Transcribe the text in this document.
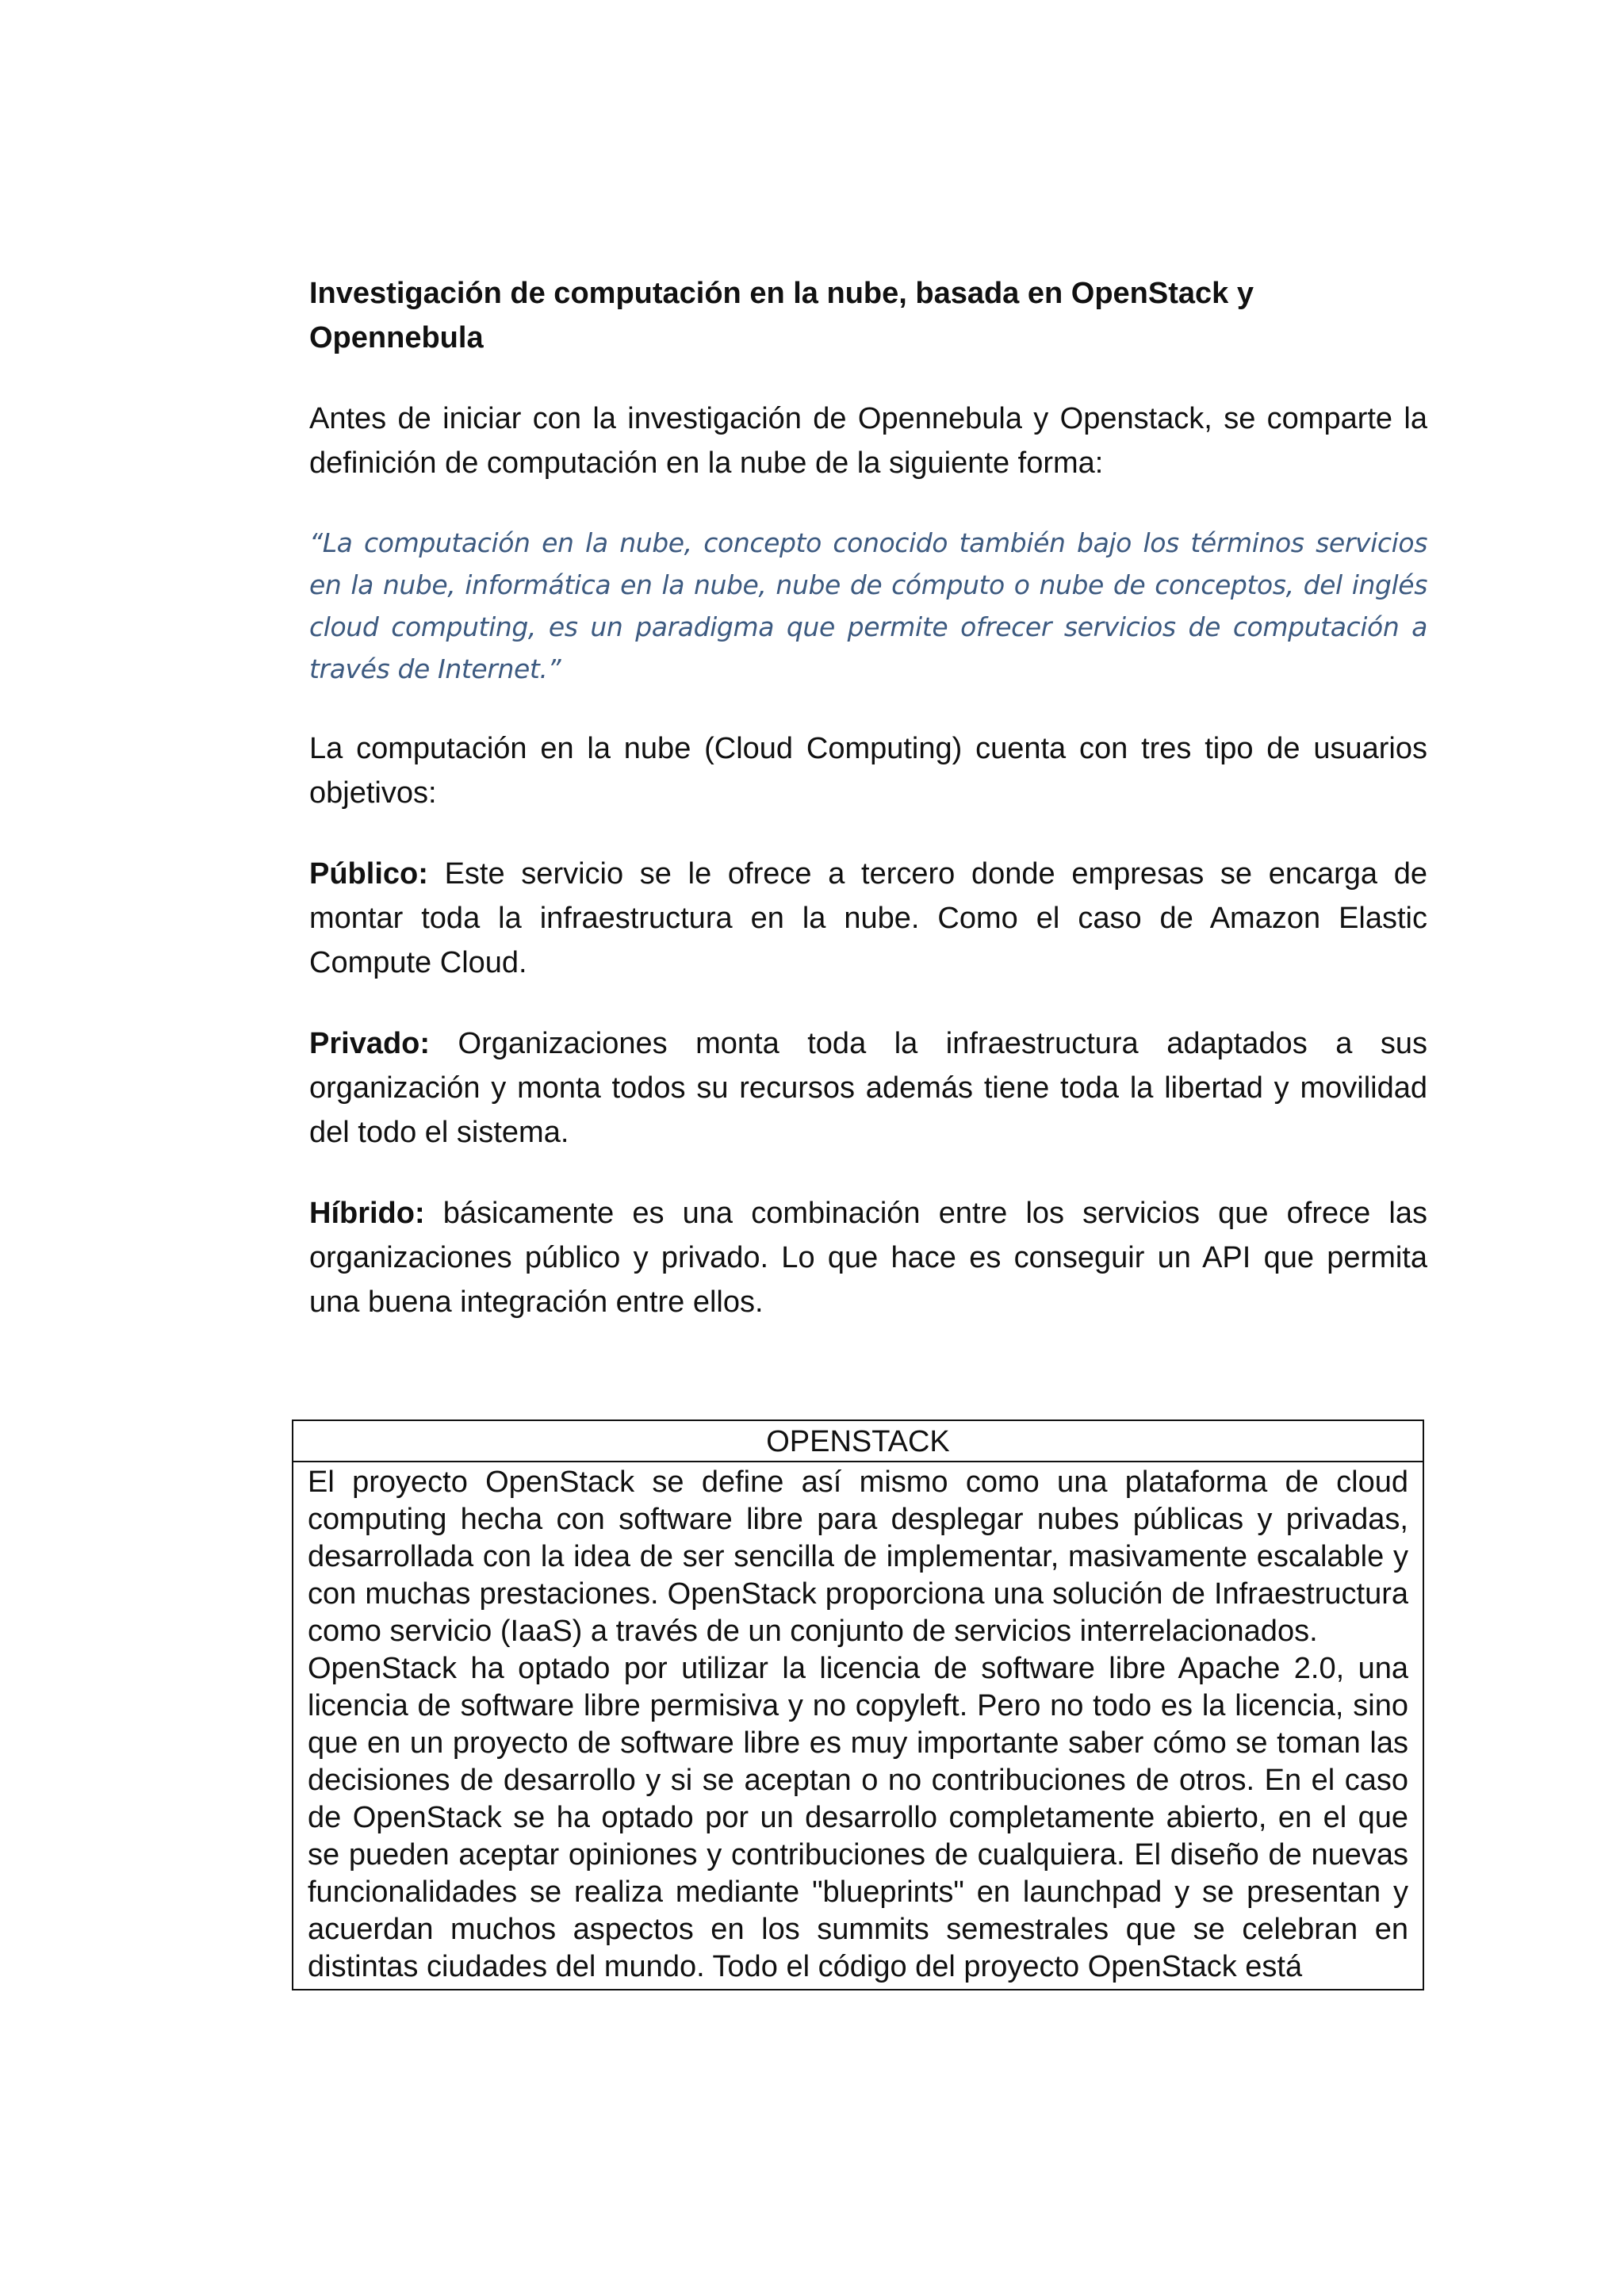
Investigación de computación en la nube, basada en OpenStack y Opennebula

Antes de iniciar con la investigación de Opennebula y Openstack, se comparte la definición de computación en la nube de la siguiente forma:

“La computación en la nube, concepto conocido también bajo los términos servicios en la nube, informática en la nube, nube de cómputo o nube de conceptos, del inglés cloud computing, es un paradigma que permite ofrecer servicios de computación a través de Internet.”

La computación en la nube (Cloud Computing) cuenta con tres tipo de usuarios objetivos:

Público: Este servicio se le ofrece a tercero donde empresas se encarga de montar toda la infraestructura en la nube. Como el caso de Amazon Elastic Compute Cloud.

Privado: Organizaciones monta toda la infraestructura adaptados a sus organización y monta todos su recursos además tiene toda la libertad y movilidad del todo el sistema.

Híbrido: básicamente es una combinación entre los servicios que ofrece las organizaciones público y privado. Lo que hace es conseguir un API que permita una buena integración entre ellos.

OPENSTACK

El proyecto OpenStack se define así mismo como una plataforma de cloud computing hecha con software libre para desplegar nubes públicas y privadas, desarrollada con la idea de ser sencilla de implementar, masivamente escalable y con muchas prestaciones. OpenStack proporciona una solución de Infraestructura como servicio (IaaS) a través de un conjunto de servicios interrelacionados.

OpenStack ha optado por utilizar la licencia de software libre Apache 2.0, una licencia de software libre permisiva y no copyleft. Pero no todo es la licencia, sino que en un proyecto de software libre es muy importante saber cómo se toman las decisiones de desarrollo y si se aceptan o no contribuciones de otros. En el caso de OpenStack se ha optado por un desarrollo completamente abierto, en el que se pueden aceptar opiniones y contribuciones de cualquiera. El diseño de nuevas funcionalidades se realiza mediante "blueprints" en launchpad y se presentan y acuerdan muchos aspectos en los summits semestrales que se celebran en distintas ciudades del mundo. Todo el código del proyecto OpenStack está
